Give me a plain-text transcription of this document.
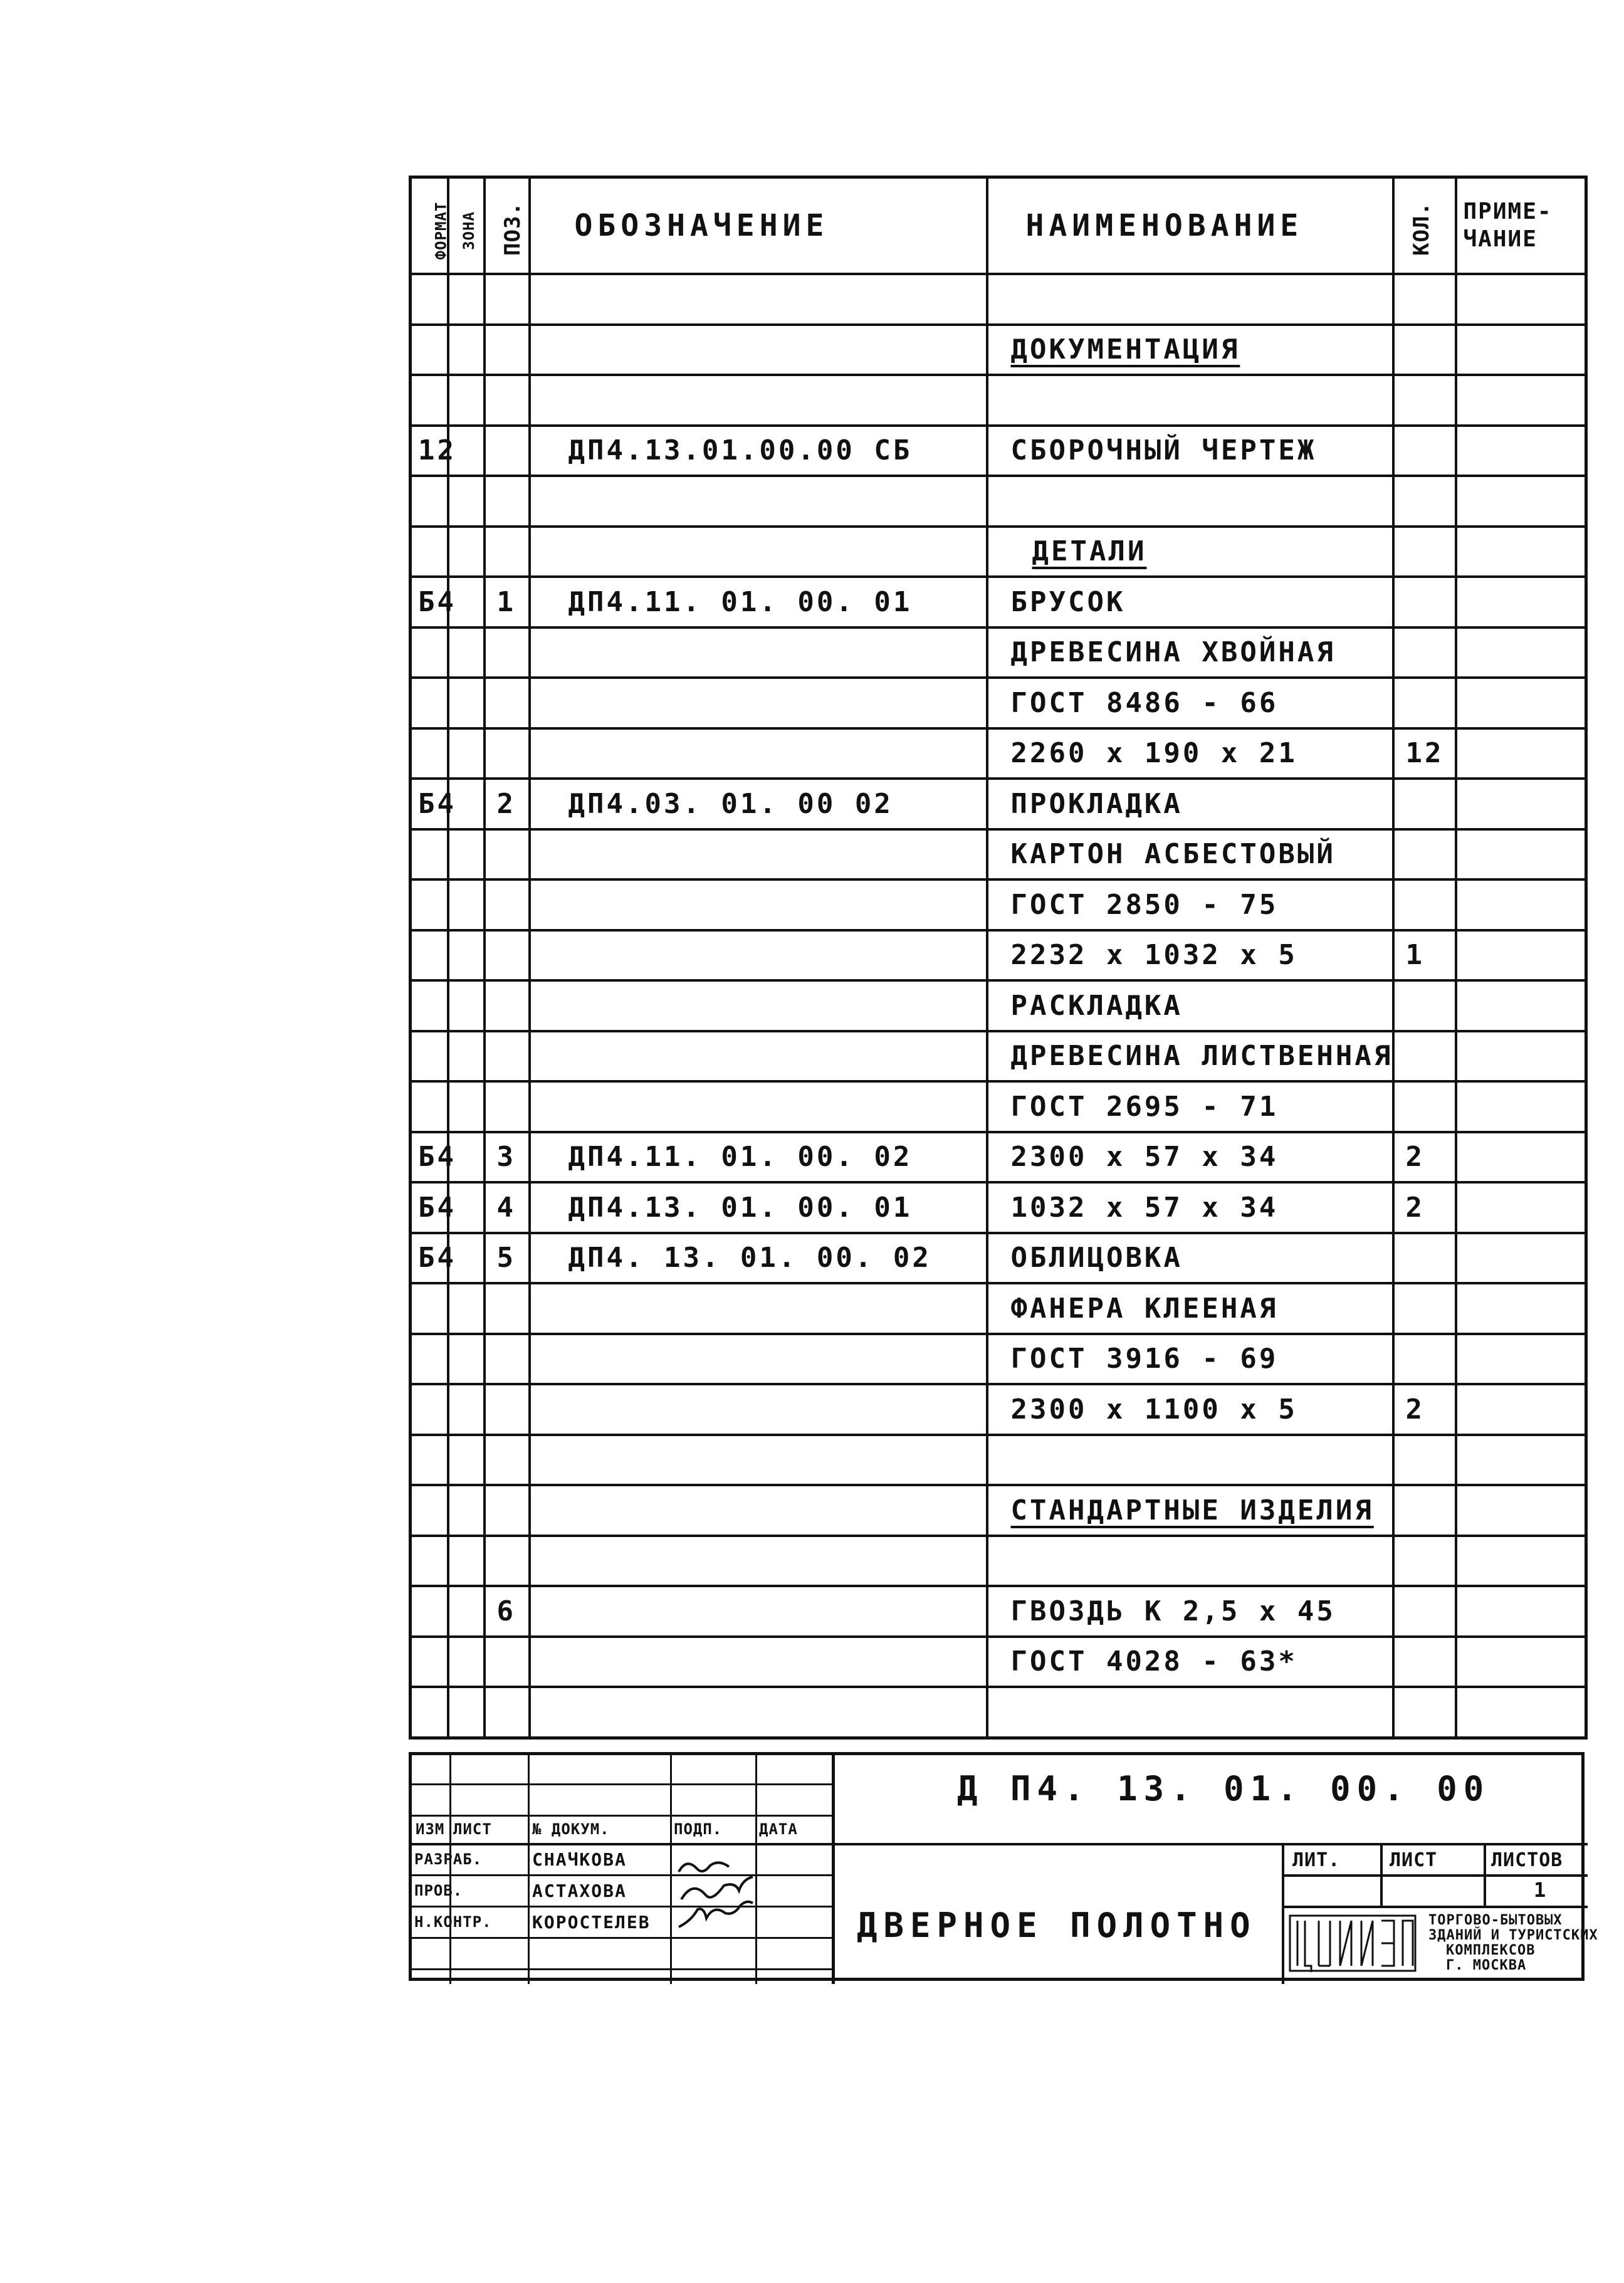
ФОРМАТ	ЗОНА	ПОЗ.	ОБОЗНАЧЕНИЕ	НАИМЕНОВАНИЕ	КОЛ.	ПРИМЕ-ЧАНИЕ

				ДОКУМЕНТАЦИЯ		

12			ДП4.13.01.00.00 СБ	СБОРОЧНЫЙ ЧЕРТЕЖ		

				ДЕТАЛИ		
Б4		1	ДП4.11. 01. 00. 01	БРУСОК		
				ДРЕВЕСИНА ХВОЙНАЯ		
				ГОСТ 8486 - 66		
				2260 х 190 х 21	12	
Б4		2	ДП4.03. 01. 00 02	ПРОКЛАДКА		
				КАРТОН АСБЕСТОВЫЙ		
				ГОСТ 2850 - 75		
				2232 х 1032 х 5	1	
				РАСКЛАДКА		
				ДРЕВЕСИНА ЛИСТВЕННАЯ		
				ГОСТ 2695 - 71		
Б4		3	ДП4.11. 01. 00. 02	2300 х 57 х 34	2	
Б4		4	ДП4.13. 01. 00. 01	1032 х 57 х 34	2	
Б4		5	ДП4. 13. 01. 00. 02	ОБЛИЦОВКА		
				ФАНЕРА КЛЕЕНАЯ		
				ГОСТ 3916 - 69		
				2300 х 1100 х 5	2	

				СТАНДАРТНЫЕ ИЗДЕЛИЯ		

		6		ГВОЗДЬ К 2,5 х 45		
				ГОСТ 4028 - 63*		

Д П4. 13. 01. 00. 00
ДВЕРНОЕ ПОЛОТНО
ИЗМ ЛИСТ	№ ДОКУМ.	ПОДП. ДАТА
РАЗРАБ.	СНАЧКОВА
ПРОВ.	АСТАХОВА
Н.КОНТР. КОРОСТЕЛЕВ
ЛИТ.	ЛИСТ	ЛИСТОВ
1
ТОРГОВО-БЫТОВЫХ
ЗДАНИЙ И ТУРИСТСКИХ
КОМПЛЕКСОВ
Г. МОСКВА
